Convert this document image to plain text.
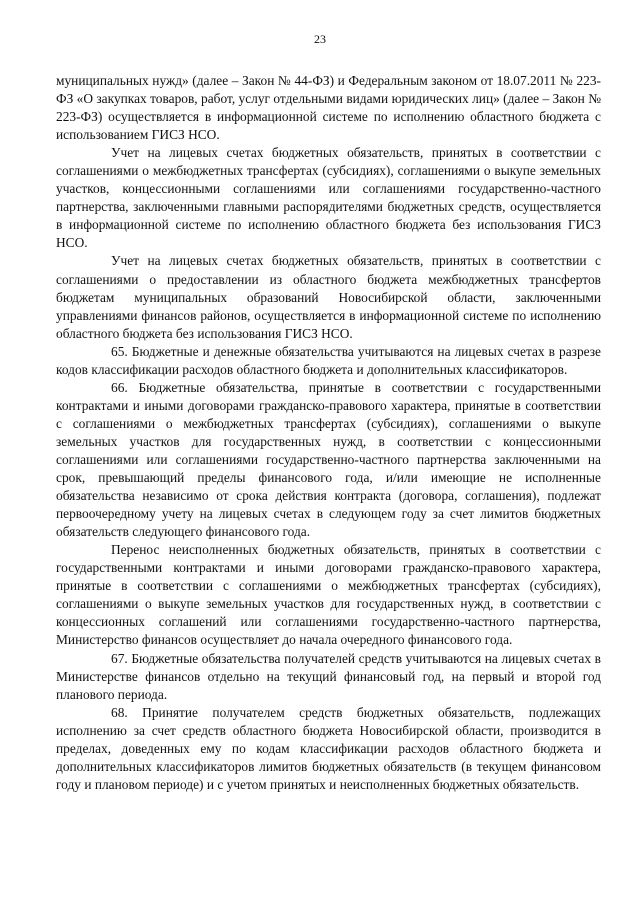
23

муниципальных нужд» (далее – Закон № 44-ФЗ) и Федеральным законом от 18.07.2011 № 223-ФЗ «О закупках товаров, работ, услуг отдельными видами юридических лиц» (далее – Закон № 223-ФЗ) осуществляется в информационной системе по исполнению областного бюджета с использованием ГИСЗ НСО.

Учет на лицевых счетах бюджетных обязательств, принятых в соответствии с соглашениями о межбюджетных трансфертах (субсидиях), соглашениями о выкупе земельных участков, концессионными соглашениями или соглашениями государственно-частного партнерства, заключенными главными распорядителями бюджетных средств, осуществляется в информационной системе по исполнению областного бюджета без использования ГИСЗ НСО.

Учет на лицевых счетах бюджетных обязательств, принятых в соответствии с соглашениями о предоставлении из областного бюджета межбюджетных трансфертов бюджетам муниципальных образований Новосибирской области, заключенными управлениями финансов районов, осуществляется в информационной системе по исполнению областного бюджета без использования ГИСЗ НСО.

65. Бюджетные и денежные обязательства учитываются на лицевых счетах в разрезе кодов классификации расходов областного бюджета и дополнительных классификаторов.

66. Бюджетные обязательства, принятые в соответствии с государственными контрактами и иными договорами гражданско-правового характера, принятые в соответствии с соглашениями о межбюджетных трансфертах (субсидиях), соглашениями о выкупе земельных участков для государственных нужд, в соответствии с концессионными соглашениями или соглашениями государственно-частного партнерства заключенными на срок, превышающий пределы финансового года, и/или имеющие не исполненные обязательства независимо от срока действия контракта (договора, соглашения), подлежат первоочередному учету на лицевых счетах в следующем году за счет лимитов бюджетных обязательств следующего финансового года.

Перенос неисполненных бюджетных обязательств, принятых в соответствии с государственными контрактами и иными договорами гражданско-правового характера, принятые в соответствии с соглашениями о межбюджетных трансфертах (субсидиях), соглашениями о выкупе земельных участков для государственных нужд, в соответствии с концессионных соглашений или соглашениями государственно-частного партнерства, Министерство финансов осуществляет до начала очередного финансового года.

67. Бюджетные обязательства получателей средств учитываются на лицевых счетах в Министерстве финансов отдельно на текущий финансовый год, на первый и второй год планового периода.

68. Принятие получателем средств бюджетных обязательств, подлежащих исполнению за счет средств областного бюджета Новосибирской области, производится в пределах, доведенных ему по кодам классификации расходов областного бюджета и дополнительных классификаторов лимитов бюджетных обязательств (в текущем финансовом году и плановом периоде) и с учетом принятых и неисполненных бюджетных обязательств.
